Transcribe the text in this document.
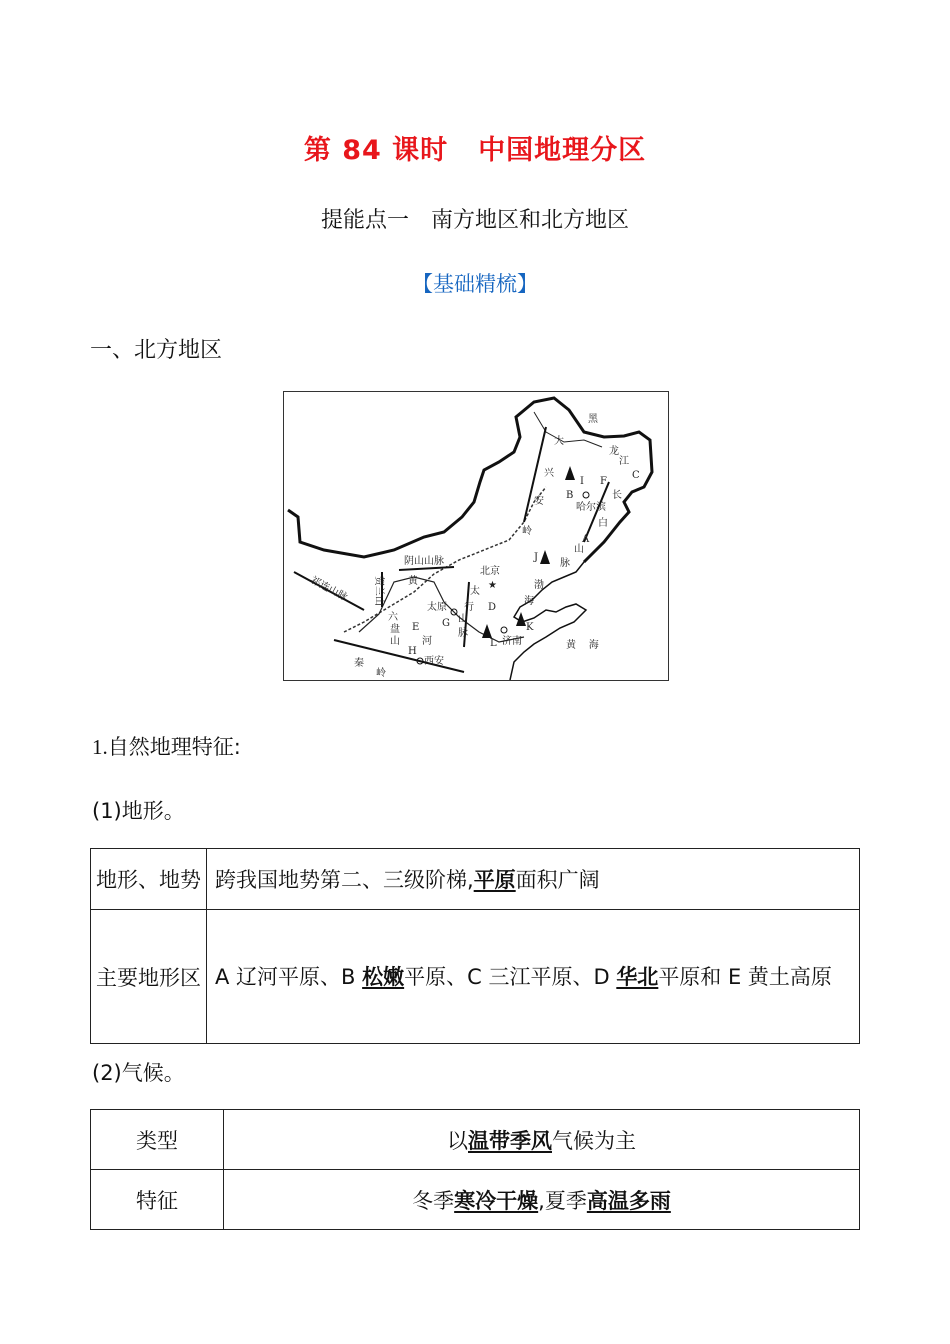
第 84 课时 中国地理分区
提能点一 南方地区和北方地区
【基础精梳】
一、北方地区
★
黑
龙
江
大
兴
安
岭
I
B
F
C
长
白
哈尔滨
A
山
脉
J
阴山山脉
祁连山脉 贺兰山
北京
黄
太
行
山
脉
太原	D
渤
海
G
E
六
盘
山 河
K
L 济南
H
西安
秦
岭
黄    海
1.自然地理特征:
(1)地形。
地形、地势	跨我国地势第二、三级阶梯,平原面积广阔
主要地形区	A 辽河平原、B 松嫩平原、C 三江平原、D 华北平原和 E 黄土高原
(2)气候。
类型	以温带季风气候为主
特征	冬季寒冷干燥,夏季高温多雨
